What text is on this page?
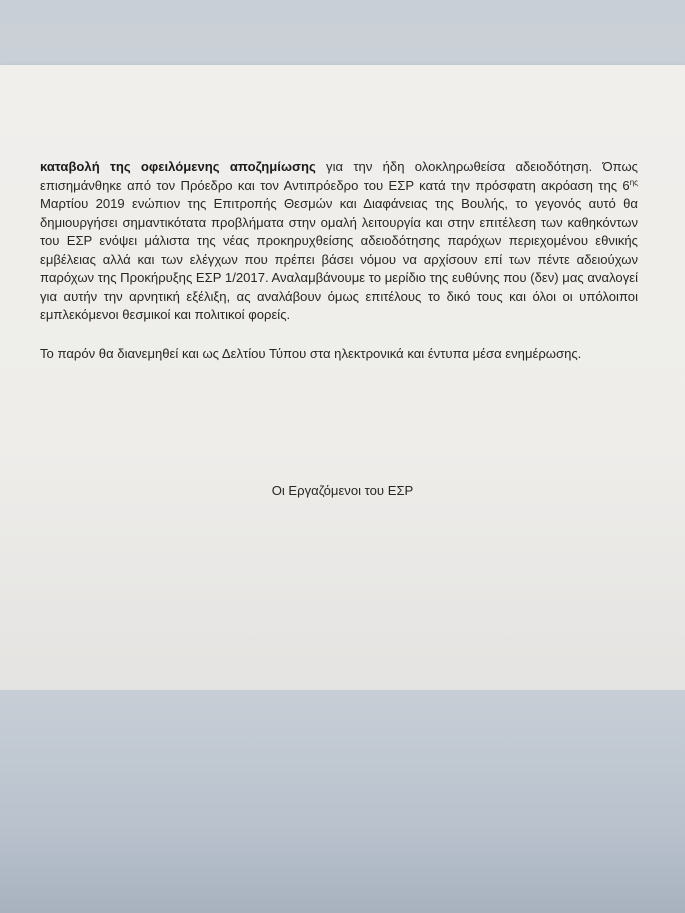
καταβολή της οφειλόμενης αποζημίωσης για την ήδη ολοκληρωθείσα αδειοδότηση. Όπως επισημάνθηκε από τον Πρόεδρο και τον Αντιπρόεδρο του ΕΣΡ κατά την πρόσφατη ακρόαση της $6^{\eta\varsigma}$ Μαρτίου 2019 ενώπιον της Επιτροπής Θεσμών και Διαφάνειας της Βουλής, το γεγονός αυτό θα δημιουργήσει σημαντικότατα προβλήματα στην ομαλή λειτουργία και στην επιτέλεση των καθηκόντων του ΕΣΡ ενόψει μάλιστα της νέας προκηρυχθείσης αδειοδότησης παρόχων περιεχομένου εθνικής εμβέλειας αλλά και των ελέγχων που πρέπει βάσει νόμου να αρχίσουν επί των πέντε αδειούχων παρόχων της Προκήρυξης ΕΣΡ 1/2017. Αναλαμβάνουμε το μερίδιο της ευθύνης που (δεν) μας αναλογεί για αυτήν την αρνητική εξέλιξη, ας αναλάβουν όμως επιτέλους το δικό τους και όλοι οι υπόλοιποι εμπλεκόμενοι θεσμικοί και πολιτικοί φορείς.

Το παρόν θα διανεμηθεί και ως Δελτίου Τύπου στα ηλεκτρονικά και έντυπα μέσα ενημέρωσης.

Οι Εργαζόμενοι του ΕΣΡ
